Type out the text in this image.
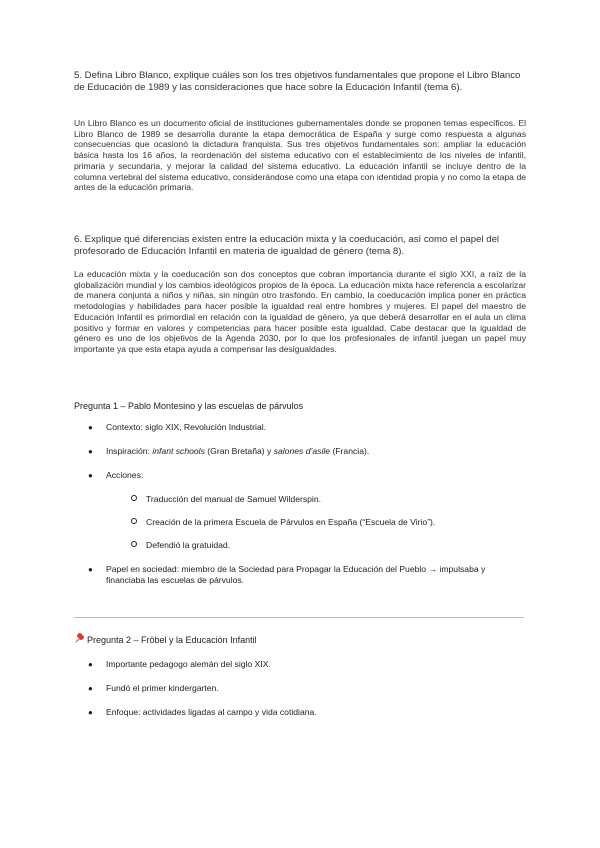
5. Defina Libro Blanco, explique cuáles son los tres objetivos fundamentales que propone el Libro Blanco de Educación de 1989 y las consideraciones que hace sobre la Educación Infantil (tema 6).

Un Libro Blanco es un documento oficial de instituciones gubernamentales donde se proponen temas específicos. El Libro Blanco de 1989 se desarrolla durante la etapa democrática de España y surge como respuesta a algunas consecuencias que ocasionó la dictadura franquista. Sus tres objetivos fundamentales son: ampliar la educación básica hasta los 16 años, la reordenación del sistema educativo con el establecimiento de los niveles de infantil, primaria y secundaria, y mejorar la calidad del sistema educativo. La educación infantil se incluye dentro de la columna vertebral del sistema educativo, considerándose como una etapa con identidad propia y no como la etapa de antes de la educación primaria.

6. Explique qué diferencias existen entre la educación mixta y la coeducación, así como el papel del profesorado de Educación Infantil en materia de igualdad de género (tema 8).

La educación mixta y la coeducación son dos conceptos que cobran importancia durante el siglo XXI, a raíz de la globalización mundial y los cambios ideológicos propios de la época. La educación mixta hace referencia a escolarizar de manera conjunta a niños y niñas, sin ningún otro trasfondo. En cambio, la coeducación implica poner en práctica metodologías y habilidades para hacer posible la igualdad real entre hombres y mujeres. El papel del maestro de Educación Infantil es primordial en relación con la igualdad de género, ya que deberá desarrollar en el aula un clima positivo y formar en valores y competencias para hacer posible esta igualdad. Cabe destacar que la igualdad de género es uno de los objetivos de la Agenda 2030, por lo que los profesionales de infantil juegan un papel muy importante ya que esta etapa ayuda a compensar las desigualdades.

Pregunta 1 – Pablo Montesino y las escuelas de párvulos

● Contexto: siglo XIX, Revolución Industrial.
● Inspiración: infant schools (Gran Bretaña) y salones d’asile (Francia).
● Acciones:
Traducción del manual de Samuel Wilderspin.
Creación de la primera Escuela de Párvulos en España (“Escuela de Virio”).
Defendió la gratuidad.
● Papel en sociedad: miembro de la Sociedad para Propagar la Educación del Pueblo → impulsaba y financiaba las escuelas de párvulos.

Pregunta 2 – Fröbel y la Educación Infantil

● Importante pedagogo alemán del siglo XIX.
● Fundó el primer kindergarten.
● Enfoque: actividades ligadas al campo y vida cotidiana.
